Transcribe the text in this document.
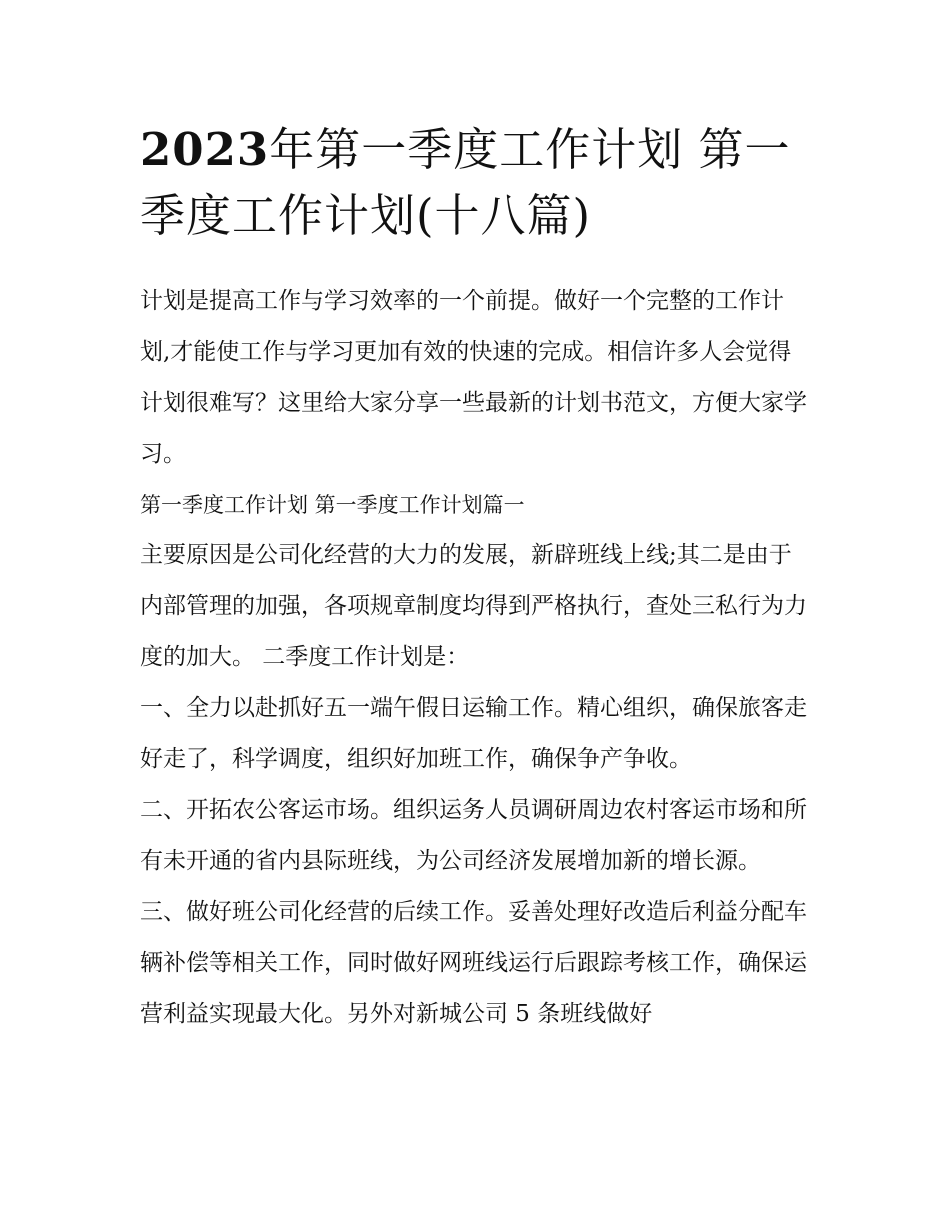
2023年第一季度工作计划 第一季度工作计划(十八篇)

计划是提高工作与学习效率的一个前提。做好一个完整的工作计划,才能使工作与学习更加有效的快速的完成。相信许多人会觉得计划很难写？这里给大家分享一些最新的计划书范文，方便大家学习。

第一季度工作计划 第一季度工作计划篇一

主要原因是公司化经营的大力的发展，新辟班线上线;其二是由于内部管理的加强，各项规章制度均得到严格执行，查处三私行为力度的加大。 二季度工作计划是：

一、全力以赴抓好五一端午假日运输工作。精心组织，确保旅客走好走了，科学调度，组织好加班工作，确保争产争收。

二、开拓农公客运市场。组织运务人员调研周边农村客运市场和所有未开通的省内县际班线，为公司经济发展增加新的增长源。

三、做好班公司化经营的后续工作。妥善处理好改造后利益分配车辆补偿等相关工作，同时做好网班线运行后跟踪考核工作，确保运营利益实现最大化。另外对新城公司 5 条班线做好
